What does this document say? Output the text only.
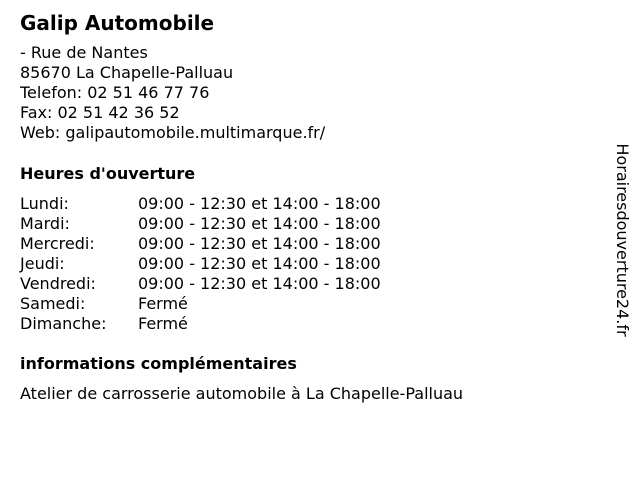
Galip Automobile
- Rue de Nantes
85670 La Chapelle-Palluau
Telefon: 02 51 46 77 76
Fax: 02 51 42 36 52
Web: galipautomobile.multimarque.fr/
Heures d'ouverture
Lundi:	09:00 - 12:30 et 14:00 - 18:00
Mardi:	09:00 - 12:30 et 14:00 - 18:00
Mercredi:	09:00 - 12:30 et 14:00 - 18:00
Jeudi:	09:00 - 12:30 et 14:00 - 18:00
Vendredi:	09:00 - 12:30 et 14:00 - 18:00
Samedi:	Fermé
Dimanche:	Fermé
informations complémentaires
Atelier de carrosserie automobile à La Chapelle-Palluau
Horairesdouverture24.fr
